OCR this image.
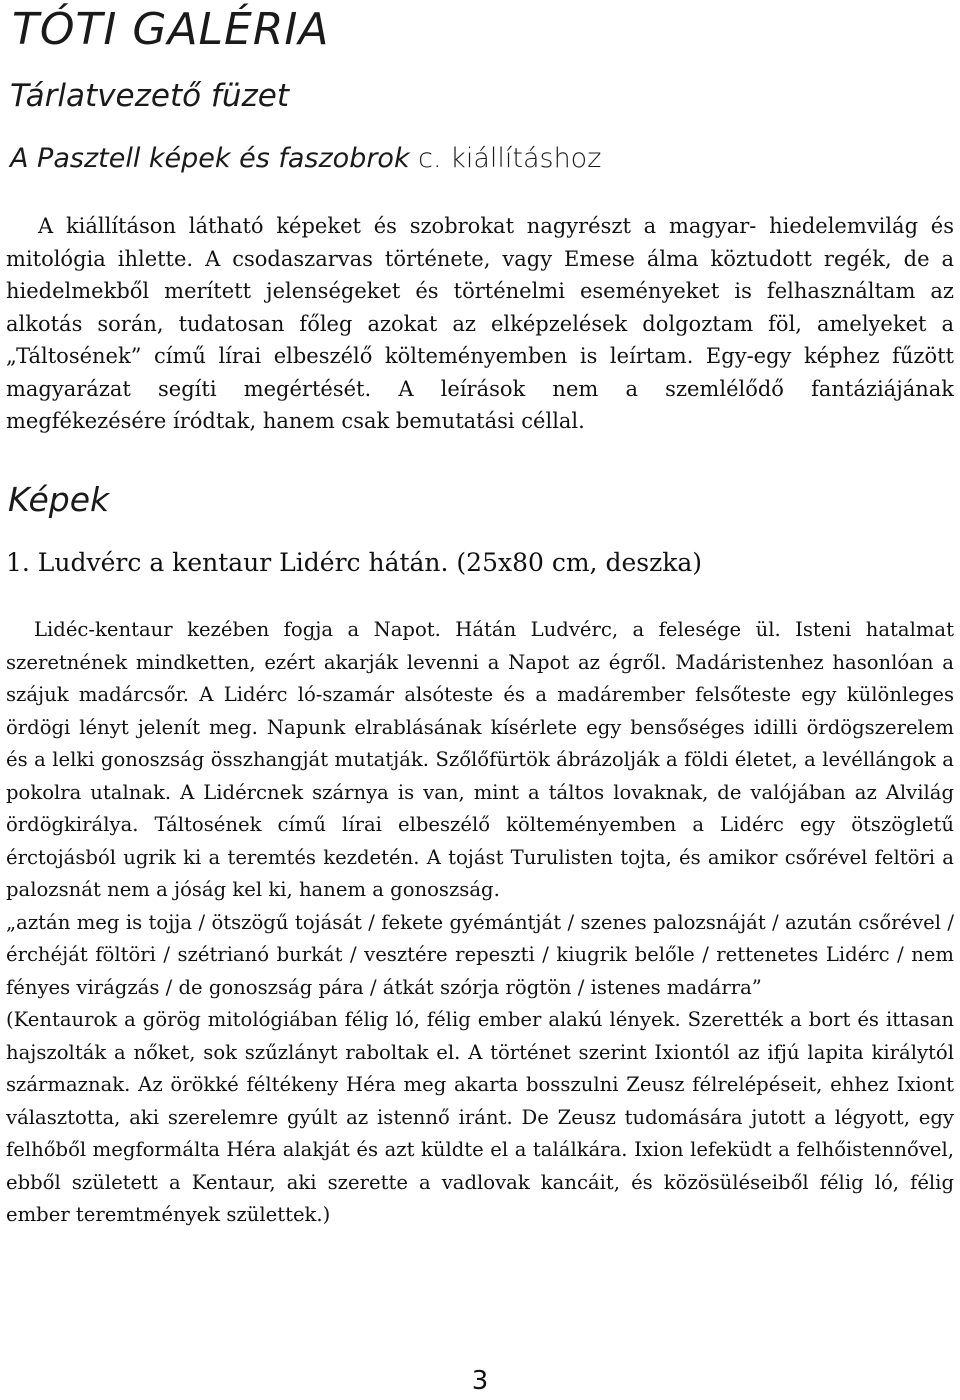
TÓTI GALÉRIA
Tárlatvezető füzet
A Pasztell képek és faszobrok c. kiállításhoz

A kiállításon látható képeket és szobrokat nagyrészt a magyar- hiedelemvilág és mitológia ihlette. A csodaszarvas története, vagy Emese álma köztudott regék, de a hiedelmekből merített jelenségeket és történelmi eseményeket is felhasználtam az alkotás során, tudatosan főleg azokat az elképzelések dolgoztam föl, amelyeket a „Táltosének” című lírai elbeszélő költeményemben is leírtam. Egy-egy képhez fűzött magyarázat segíti megértését. A leírások nem a szemlélődő fantáziájának megfékezésére íródtak, hanem csak bemutatási céllal.

Képek
1. Ludvérc a kentaur Lidérc hátán. (25x80 cm, deszka)

Lidéc-kentaur kezében fogja a Napot. Hátán Ludvérc, a felesége ül. Isteni hatalmat szeretnének mindketten, ezért akarják levenni a Napot az égről. Madáristenhez hasonlóan a szájuk madárcsőr. A Lidérc ló-szamár alsóteste és a madárember felsőteste egy különleges ördögi lényt jelenít meg. Napunk elrablásának kísérlete egy bensőséges idilli ördögszerelem és a lelki gonoszság összhangját mutatják. Szőlőfürtök ábrázolják a földi életet, a levéllángok a pokolra utalnak. A Lidércnek szárnya is van, mint a táltos lovaknak, de valójában az Alvilág ördögkirálya. Táltosének című lírai elbeszélő költeményemben a Lidérc egy ötszögletű érctojásból ugrik ki a teremtés kezdetén. A tojást Turulisten tojta, és amikor csőrével feltöri a palozsnát nem a jóság kel ki, hanem a gonoszság.

„aztán meg is tojja / ötszögű tojását / fekete gyémántját / szenes palozsnáját / azután csőrével / érchéját föltöri / szétrianó burkát / vesztére repeszti / kiugrik belőle / rettenetes Lidérc / nem fényes virágzás / de gonoszság pára / átkát szórja rögtön / istenes madárra”

(Kentaurok a görög mitológiában félig ló, félig ember alakú lények. Szerették a bort és ittasan hajszolták a nőket, sok szűzlányt raboltak el. A történet szerint Ixiontól az ifjú lapita királytól származnak. Az örökké féltékeny Héra meg akarta bosszulni Zeusz félrelépéseit, ehhez Ixiont választotta, aki szerelemre gyúlt az istennő iránt. De Zeusz tudomására jutott a légyott, egy felhőből megformálta Héra alakját és azt küldte el a találkára. Ixion lefeküdt a felhőistennővel, ebből született a Kentaur, aki szerette a vadlovak kancáit, és közösüléseiből félig ló, félig ember teremtmények születtek.)

3
